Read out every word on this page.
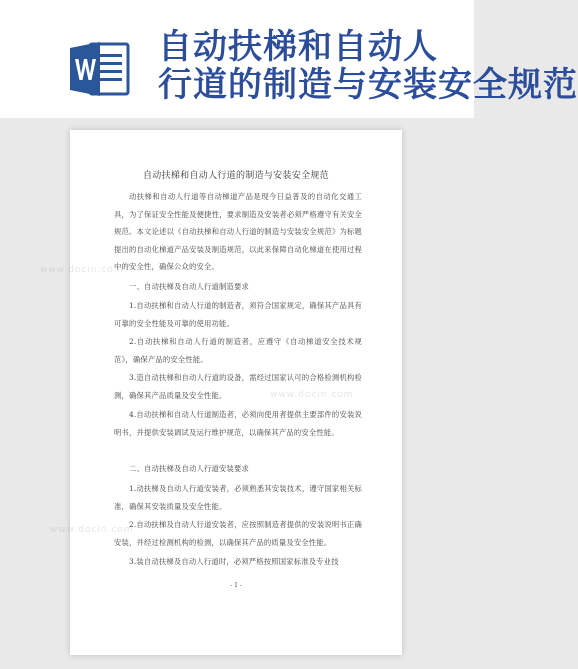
自动扶梯和自动人
行道的制造与安装安全规范
www.docin.com
www.docin.com
www.docin.com
自动扶梯和自动人行道的制造与安装安全规范
动扶梯和自动人行道等自动梯道产品是现今日益普及的自动化交通工具，为了保证安全性能及便捷性，要求制造及安装者必须严格遵守有关安全规范。本文论述以《自动扶梯和自动人行道的制造与安装安全规范》为标题提出的自动化梯道产品安装及制造规范，以此来保障自动化梯道在使用过程中的安全性，确保公众的安全。
一、自动扶梯及自动人行道制造要求
1.自动扶梯和自动人行道的制造者，须符合国家规定，确保其产品具有可靠的安全性能及可靠的使用功能。
2.自动扶梯和自动人行道的制造者，应遵守《自动梯道安全技术规范》，确保产品的安全性能。
3.造自动扶梯和自动人行道的设备，需经过国家认可的合格检测机构检测，确保其产品质量及安全性能。
4.自动扶梯和自动人行道制造者，必须向使用者提供主要部件的安装说明书，并提供安装调试及运行维护规范，以确保其产品的安全性能。
二、自动扶梯及自动人行道安装要求
1.动扶梯及自动人行道安装者，必须熟悉其安装技术，遵守国家相关标准，确保其安装质量及安全性能。
2.自动扶梯及自动人行道安装者，应按照制造者提供的安装说明书正确安装，并经过检测机构的检测，以确保其产品的质量及安全性能。
3.装自动扶梯及自动人行道时，必须严格按照国家标准及专业技
- 1 -
